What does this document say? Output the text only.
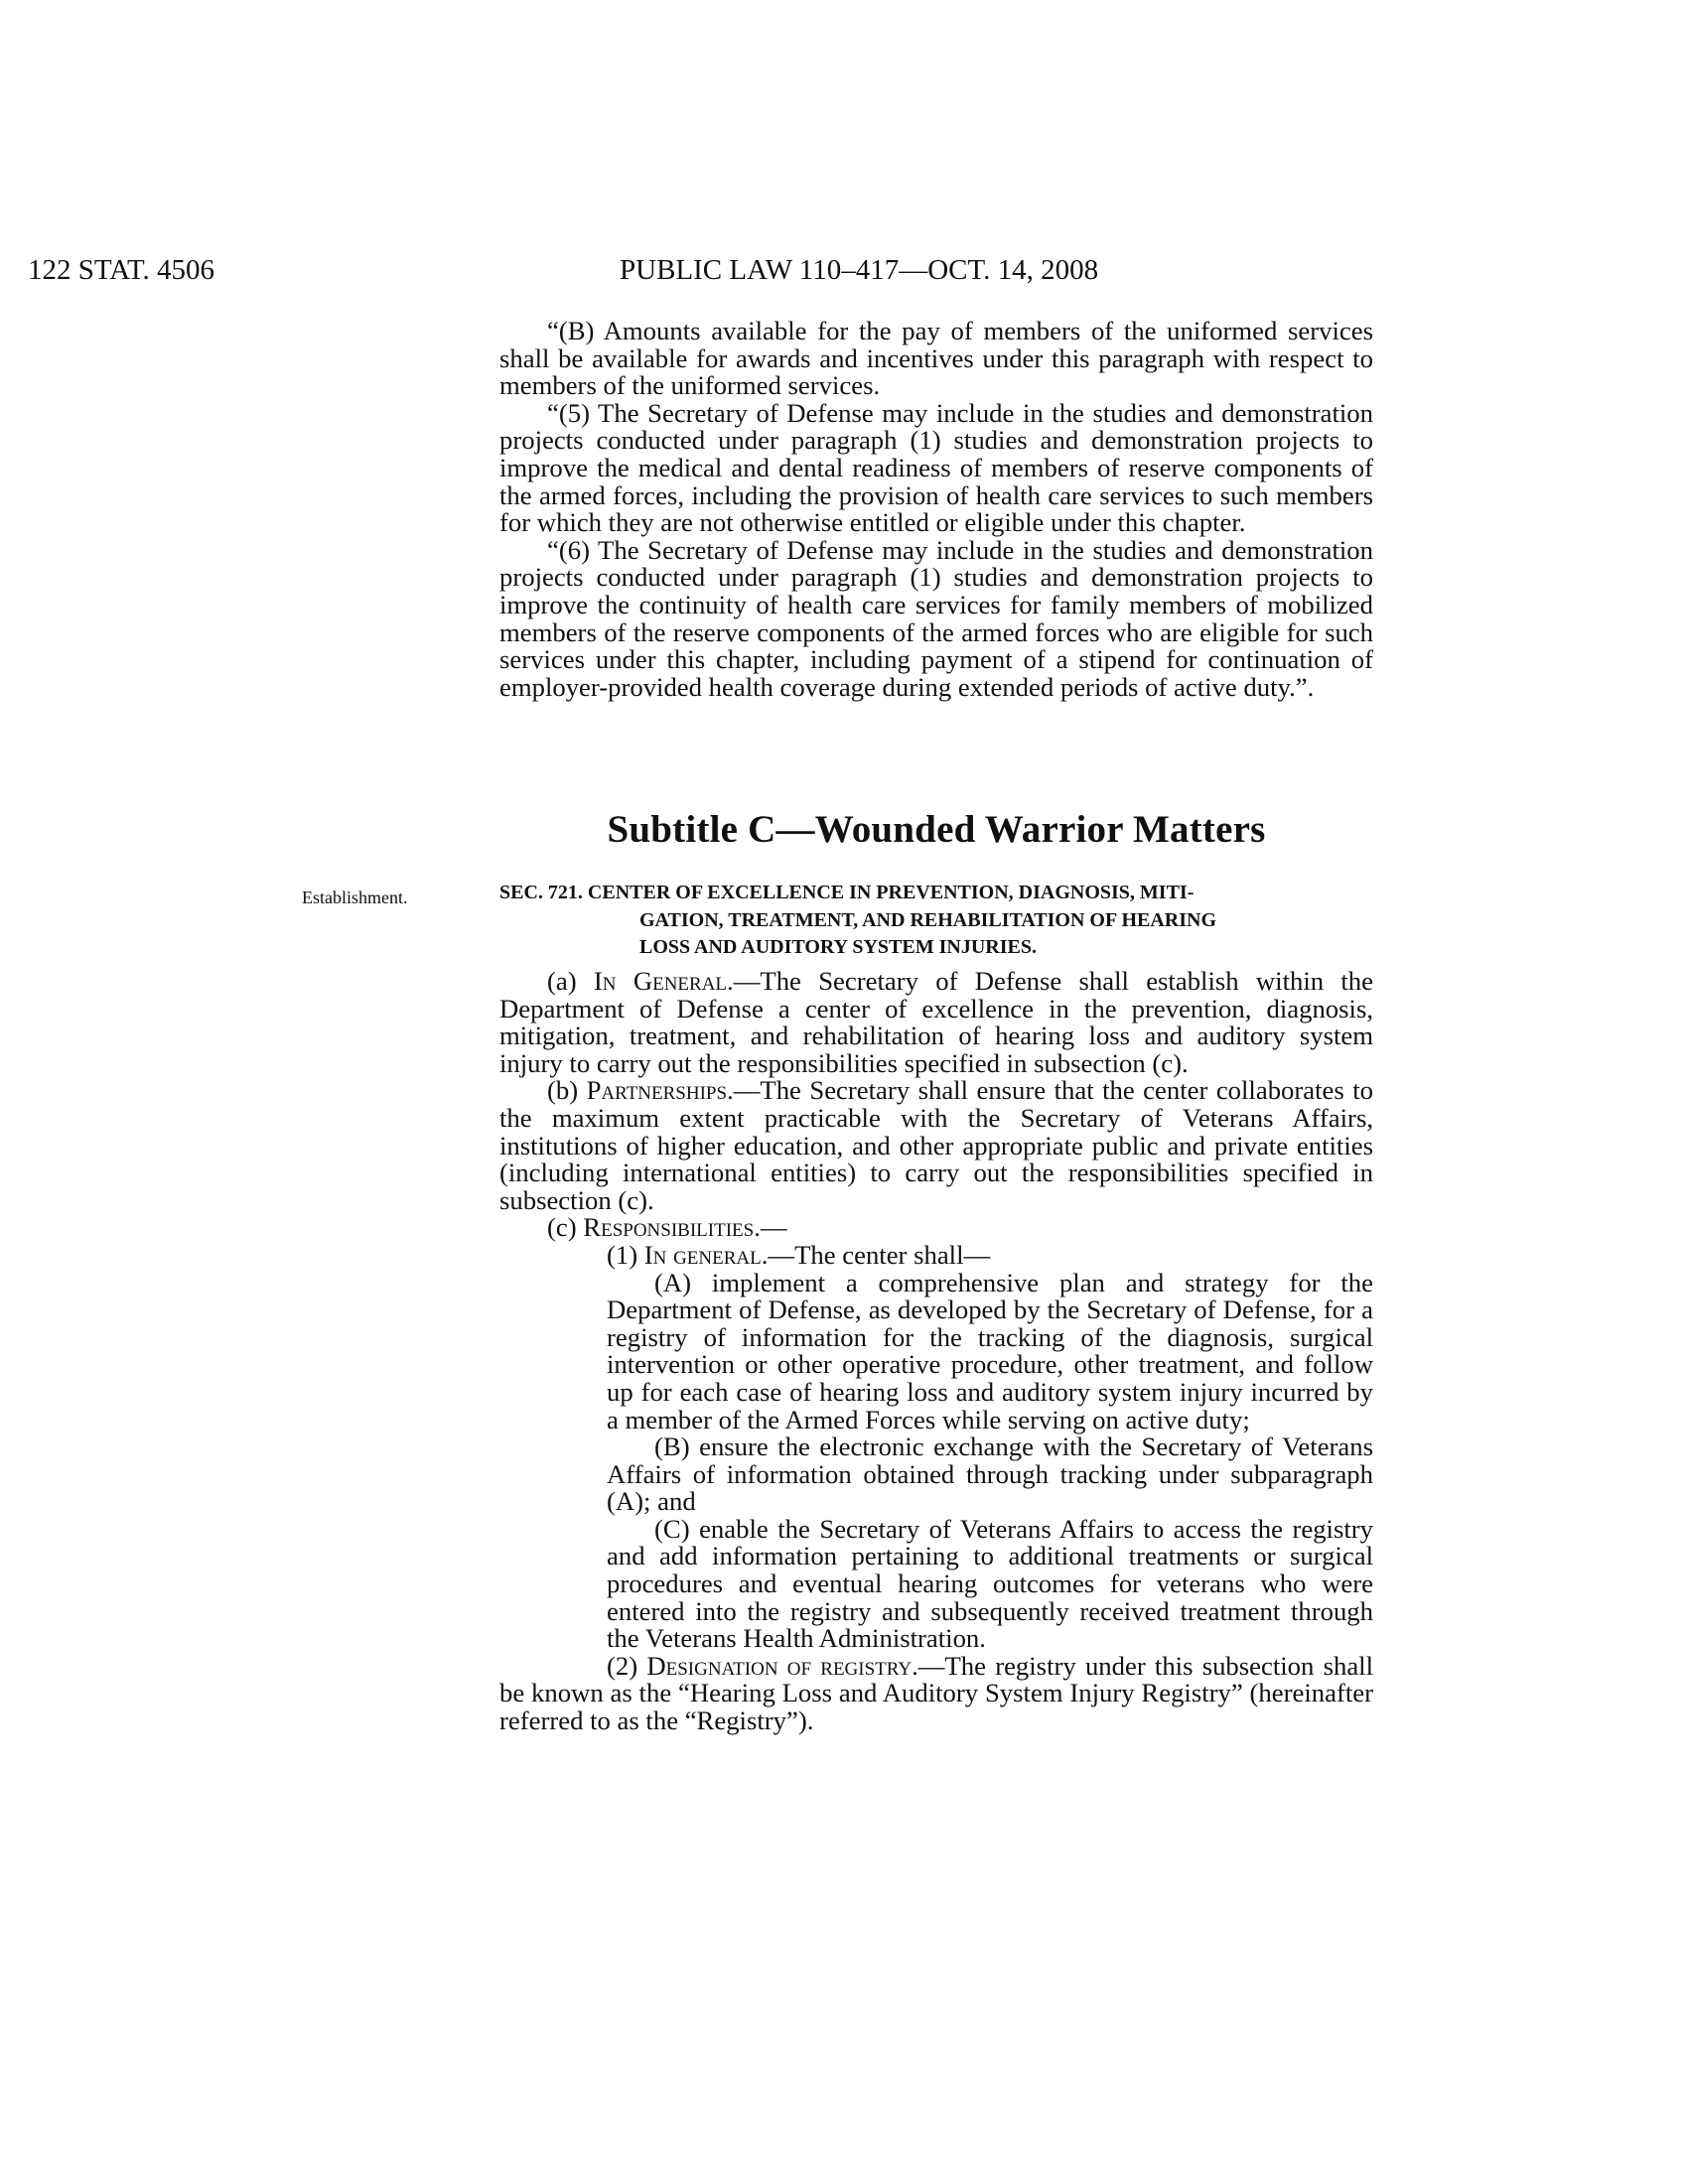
122 STAT. 4506	PUBLIC LAW 110–417—OCT. 14, 2008

“(B) Amounts available for the pay of members of the uniformed services shall be available for awards and incentives under this paragraph with respect to members of the uniformed services.

“(5) The Secretary of Defense may include in the studies and demonstration projects conducted under paragraph (1) studies and demonstration projects to improve the medical and dental readiness of members of reserve components of the armed forces, including the provision of health care services to such members for which they are not otherwise entitled or eligible under this chapter.

“(6) The Secretary of Defense may include in the studies and demonstration projects conducted under paragraph (1) studies and demonstration projects to improve the continuity of health care services for family members of mobilized members of the reserve components of the armed forces who are eligible for such services under this chapter, including payment of a stipend for continuation of employer-provided health coverage during extended periods of active duty.”.

Subtitle C—Wounded Warrior Matters
Establishment.	SEC. 721. CENTER OF EXCELLENCE IN PREVENTION, DIAGNOSIS, MITI-
GATION, TREATMENT, AND REHABILITATION OF HEARING
LOSS AND AUDITORY SYSTEM INJURIES.

(a) In General.—The Secretary of Defense shall establish within the Department of Defense a center of excellence in the prevention, diagnosis, mitigation, treatment, and rehabilitation of hearing loss and auditory system injury to carry out the responsibilities specified in subsection (c).

(b) Partnerships.—The Secretary shall ensure that the center collaborates to the maximum extent practicable with the Secretary of Veterans Affairs, institutions of higher education, and other appropriate public and private entities (including international entities) to carry out the responsibilities specified in subsection (c).

(c) Responsibilities.—

(1) In general.—The center shall—

(A) implement a comprehensive plan and strategy for the Department of Defense, as developed by the Secretary of Defense, for a registry of information for the tracking of the diagnosis, surgical intervention or other operative procedure, other treatment, and follow up for each case of hearing loss and auditory system injury incurred by a member of the Armed Forces while serving on active duty;

(B) ensure the electronic exchange with the Secretary of Veterans Affairs of information obtained through tracking under subparagraph (A); and

(C) enable the Secretary of Veterans Affairs to access the registry and add information pertaining to additional treatments or surgical procedures and eventual hearing outcomes for veterans who were entered into the registry and subsequently received treatment through the Veterans Health Administration.

(2) Designation of registry.—The registry under this subsection shall be known as the “Hearing Loss and Auditory System Injury Registry” (hereinafter referred to as the “Registry”).
